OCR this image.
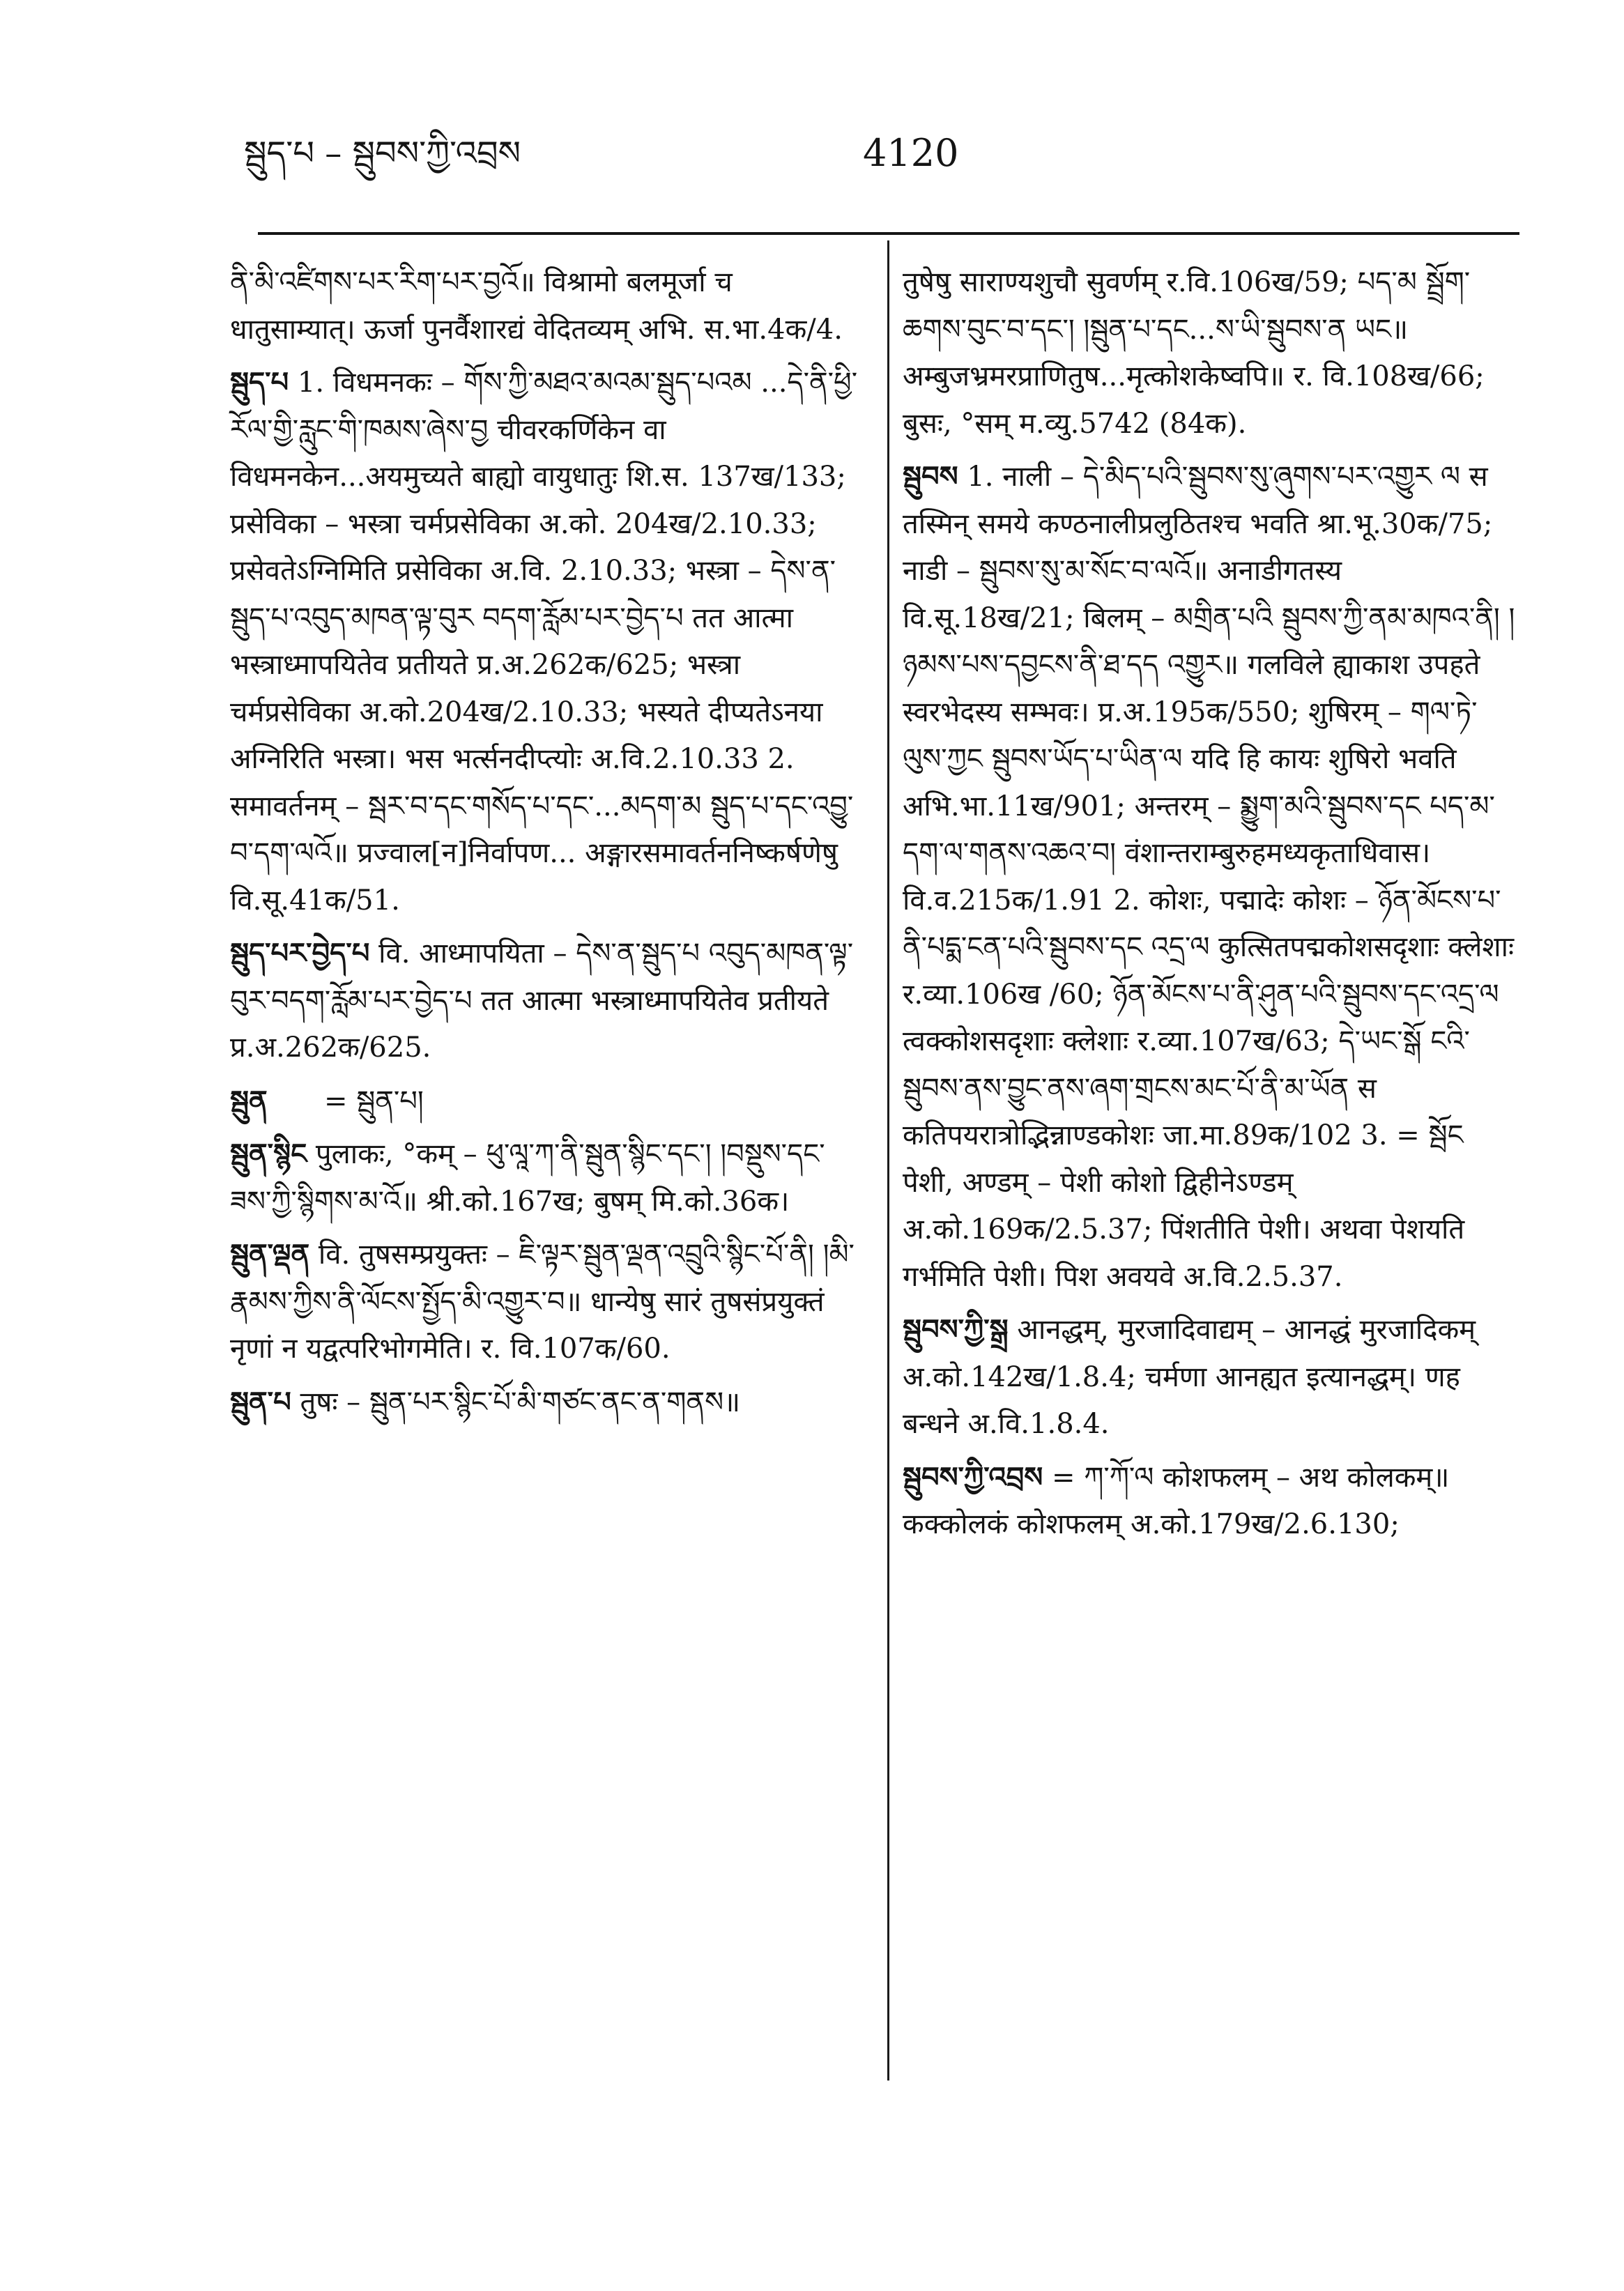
སྦུད་པ – སྦུབས་ཀྱི་འབྲས	4120

ནི་མི་འཛིགས་པར་རིག་པར་བྱའོ॥ विश्रामो बलमूर्जा च धातुसाम्यात्। ऊर्जा पुनर्वैशारद्यं वेदितव्यम् अभि. स.भा.4क/4.

སྦུད་པ 1. विधमनकः – གོས་ཀྱི་མཐའ་མའམ་སྦུད་པའམ ...དེ་ནི་ཕྱི་རོལ་གྱི་རླུང་གི་ཁམས་ཞེས་བྱ चीवरकर्णिकेन वा विधमनकेन...अयमुच्यते बाह्यो वायुधातुः शि.स. 137ख/133; प्रसेविका – भस्त्रा चर्मप्रसेविका अ.को. 204ख/2.10.33; प्रसेवतेऽग्निमिति प्रसेविका अ.वि. 2.10.33; भस्त्रा – དེས་ན་སྦུད་པ་འབུད་མཁན་ལྟ་བུར བདག་རློམ་པར་བྱེད་པ तत आत्मा भस्त्राध्मापयितेव प्रतीयते प्र.अ.262क/625; भस्त्रा चर्मप्रसेविका अ.को.204ख/2.10.33; भस्यते दीप्यतेऽनया अग्निरिति भस्त्रा। भस भर्त्सनदीप्त्योः अ.वि.2.10.33 2. समावर्तनम् – སྦར་བ་དང་གསོད་པ་དང་...མདག་མ སྦུད་པ་དང་འབྱུ་བ་དག་ལའོ॥ प्रज्वाल[न]निर्वापण... अङ्गारसमावर्तननिष्कर्षणेषु वि.सू.41क/51.

སྦུད་པར་བྱེད་པ वि. आध्मापयिता – དེས་ན་སྦུད་པ འབུད་མཁན་ལྟ་བུར་བདག་རློམ་པར་བྱེད་པ तत आत्मा भस्त्राध्मापयितेव प्रतीयते प्र.अ.262क/625.

སྦུན = སྦུན་པ།

སྦུན་སྙིང पुलाकः, °कम् – ཕུ་ལཱ་ཀ་ནི་སྦུན་སྙིང་དང་། །བསྡུས་དང་ཟས་ཀྱི་སྙིགས་མ་འོ॥ श्री.को.167ख; बुषम् मि.को.36क।

སྦུན་ལྡན वि. तुषसम्प्रयुक्तः – ཇི་ལྟར་སྦུན་ལྡན་འབྲུའི་སྙིང་པོ་ནི། །མི་རྣམས་ཀྱིས་ནི་ལོངས་སྤྱོད་མི་འགྱུར་བ॥ धान्येषु सारं तुषसंप्रयुक्तं नृणां न यद्वत्परिभोगमेति। र. वि.107क/60.

སྦུན་པ तुषः – སྦུན་པར་སྙིང་པོ་མི་གཙང་ནང་ན་གནས॥

तुषेषु साराण्यशुचौ सुवर्णम् र.वि.106ख/59; པད་མ སྦྲོག་ཆགས་བུང་བ་དང་། །སྦུན་པ་དང...ས་ཡི་སྦུབས་ན ཡང॥ अम्बुजभ्रमरप्राणितुष...मृत्कोशकेष्वपि॥ र. वि.108ख/66; बुसः, °सम् म.व्यु.5742 (84क).

སྦུབས 1. नाली – དེ་མིད་པའི་སྦུབས་སུ་ཞུགས་པར་འགྱུར ལ स तस्मिन् समये कण्ठनालीप्रलुठितश्च भवति श्रा.भू.30क/75; नाडी – སྦུབས་སུ་མ་སོང་བ་ལའོ॥ अनाडीगतस्य वि.सू.18ख/21; बिलम् – མགྲིན་པའི སྦུབས་ཀྱི་ནམ་མཁའ་ནི། །ཉམས་པས་དབྱངས་ནི་ཐ་དད འགྱུར॥ गलविले ह्याकाश उपहते स्वरभेदस्य सम्भवः। प्र.अ.195क/550; शुषिरम् – གལ་ཏེ་ལུས་ཀྱང སྦུབས་ཡོད་པ་ཡིན་ལ यदि हि कायः शुषिरो भवति अभि.भा.11ख/901; अन्तरम् – སྨྱུག་མའི་སྦུབས་དང པད་མ་དག་ལ་གནས་འཆའ་བ། वंशान्तराम्बुरुहमध्यकृताधिवास। वि.व.215क/1.91 2. कोशः, पद्मादेः कोशः – ཉོན་མོངས་པ་ནི་པདྨ་ངན་པའི་སྦུབས་དང འདྲ་ལ कुत्सितपद्मकोशसदृशाः क्लेशाः र.व्या.106ख /60; ཉོན་མོངས་པ་ནི་ཤུན་པའི་སྦུབས་དང་འདྲ་ལ त्वक्कोशसदृशाः क्लेशाः र.व्या.107ख/63; དེ་ཡང་སྒོ ངའི་སྦུབས་ནས་བྱུང་ནས་ཞག་གྲངས་མང་པོ་ནི་མ་ཡོན स कतिपयरात्रोद्भिन्नाण्डकोशः जा.मा.89क/102 3. = སྦོང पेशी, अण्डम् – पेशी कोशो द्विहीनेऽण्डम् अ.को.169क/2.5.37; पिंशतीति पेशी। अथवा पेशयति गर्भमिति पेशी। पिश अवयवे अ.वि.2.5.37.

སྦུབས་ཀྱི་སྒྲ आनद्धम्, मुरजादिवाद्यम् – आनद्धं मुरजादिकम् अ.को.142ख/1.8.4; चर्मणा आनह्यत इत्यानद्धम्। णह बन्धने अ.वि.1.8.4.

སྦུབས་ཀྱི་འབྲས = ཀ་ཀོ་ལ कोशफलम् – अथ कोलकम्॥ कक्कोलकं कोशफलम् अ.को.179ख/2.6.130;
